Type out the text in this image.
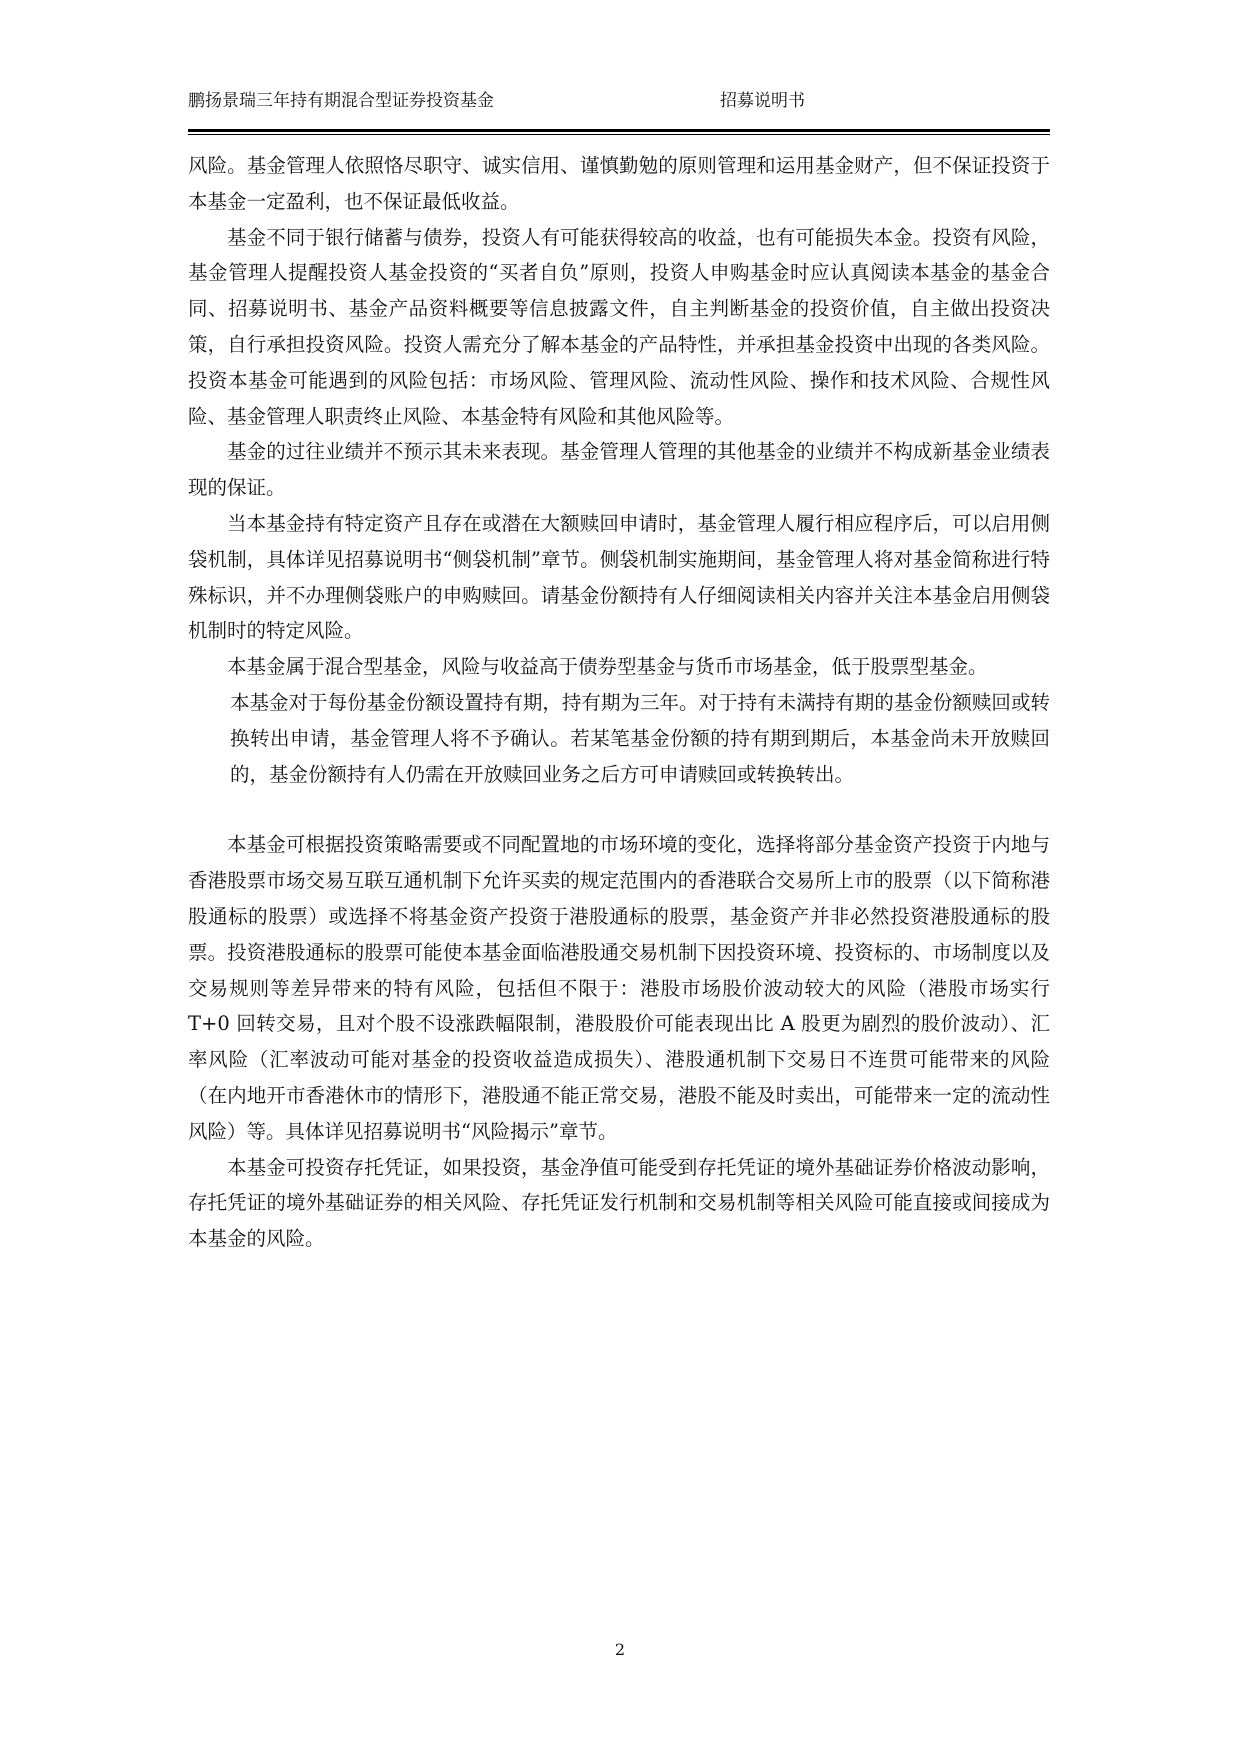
鹏扬景瑞三年持有期混合型证券投资基金	招募说明书

风险。基金管理人依照恪尽职守、诚实信用、谨慎勤勉的原则管理和运用基金财产，但不保证投资于本基金一定盈利，也不保证最低收益。

基金不同于银行储蓄与债券，投资人有可能获得较高的收益，也有可能损失本金。投资有风险，基金管理人提醒投资人基金投资的“买者自负”原则，投资人申购基金时应认真阅读本基金的基金合同、招募说明书、基金产品资料概要等信息披露文件，自主判断基金的投资价值，自主做出投资决策，自行承担投资风险。投资人需充分了解本基金的产品特性，并承担基金投资中出现的各类风险。投资本基金可能遇到的风险包括：市场风险、管理风险、流动性风险、操作和技术风险、合规性风险、基金管理人职责终止风险、本基金特有风险和其他风险等。

基金的过往业绩并不预示其未来表现。基金管理人管理的其他基金的业绩并不构成新基金业绩表现的保证。

当本基金持有特定资产且存在或潜在大额赎回申请时，基金管理人履行相应程序后，可以启用侧袋机制，具体详见招募说明书“侧袋机制”章节。侧袋机制实施期间，基金管理人将对基金简称进行特殊标识，并不办理侧袋账户的申购赎回。请基金份额持有人仔细阅读相关内容并关注本基金启用侧袋机制时的特定风险。

本基金属于混合型基金，风险与收益高于债券型基金与货币市场基金，低于股票型基金。

本基金对于每份基金份额设置持有期，持有期为三年。对于持有未满持有期的基金份额赎回或转换转出申请，基金管理人将不予确认。若某笔基金份额的持有期到期后，本基金尚未开放赎回的，基金份额持有人仍需在开放赎回业务之后方可申请赎回或转换转出。

本基金可根据投资策略需要或不同配置地的市场环境的变化，选择将部分基金资产投资于内地与香港股票市场交易互联互通机制下允许买卖的规定范围内的香港联合交易所上市的股票（以下简称港股通标的股票）或选择不将基金资产投资于港股通标的股票，基金资产并非必然投资港股通标的股票。投资港股通标的股票可能使本基金面临港股通交易机制下因投资环境、投资标的、市场制度以及交易规则等差异带来的特有风险，包括但不限于：港股市场股价波动较大的风险（港股市场实行 T+0 回转交易，且对个股不设涨跌幅限制，港股股价可能表现出比 A 股更为剧烈的股价波动）、汇率风险（汇率波动可能对基金的投资收益造成损失）、港股通机制下交易日不连贯可能带来的风险（在内地开市香港休市的情形下，港股通不能正常交易，港股不能及时卖出，可能带来一定的流动性风险）等。具体详见招募说明书“风险揭示”章节。

本基金可投资存托凭证，如果投资，基金净值可能受到存托凭证的境外基础证券价格波动影响，存托凭证的境外基础证券的相关风险、存托凭证发行机制和交易机制等相关风险可能直接或间接成为本基金的风险。

2
